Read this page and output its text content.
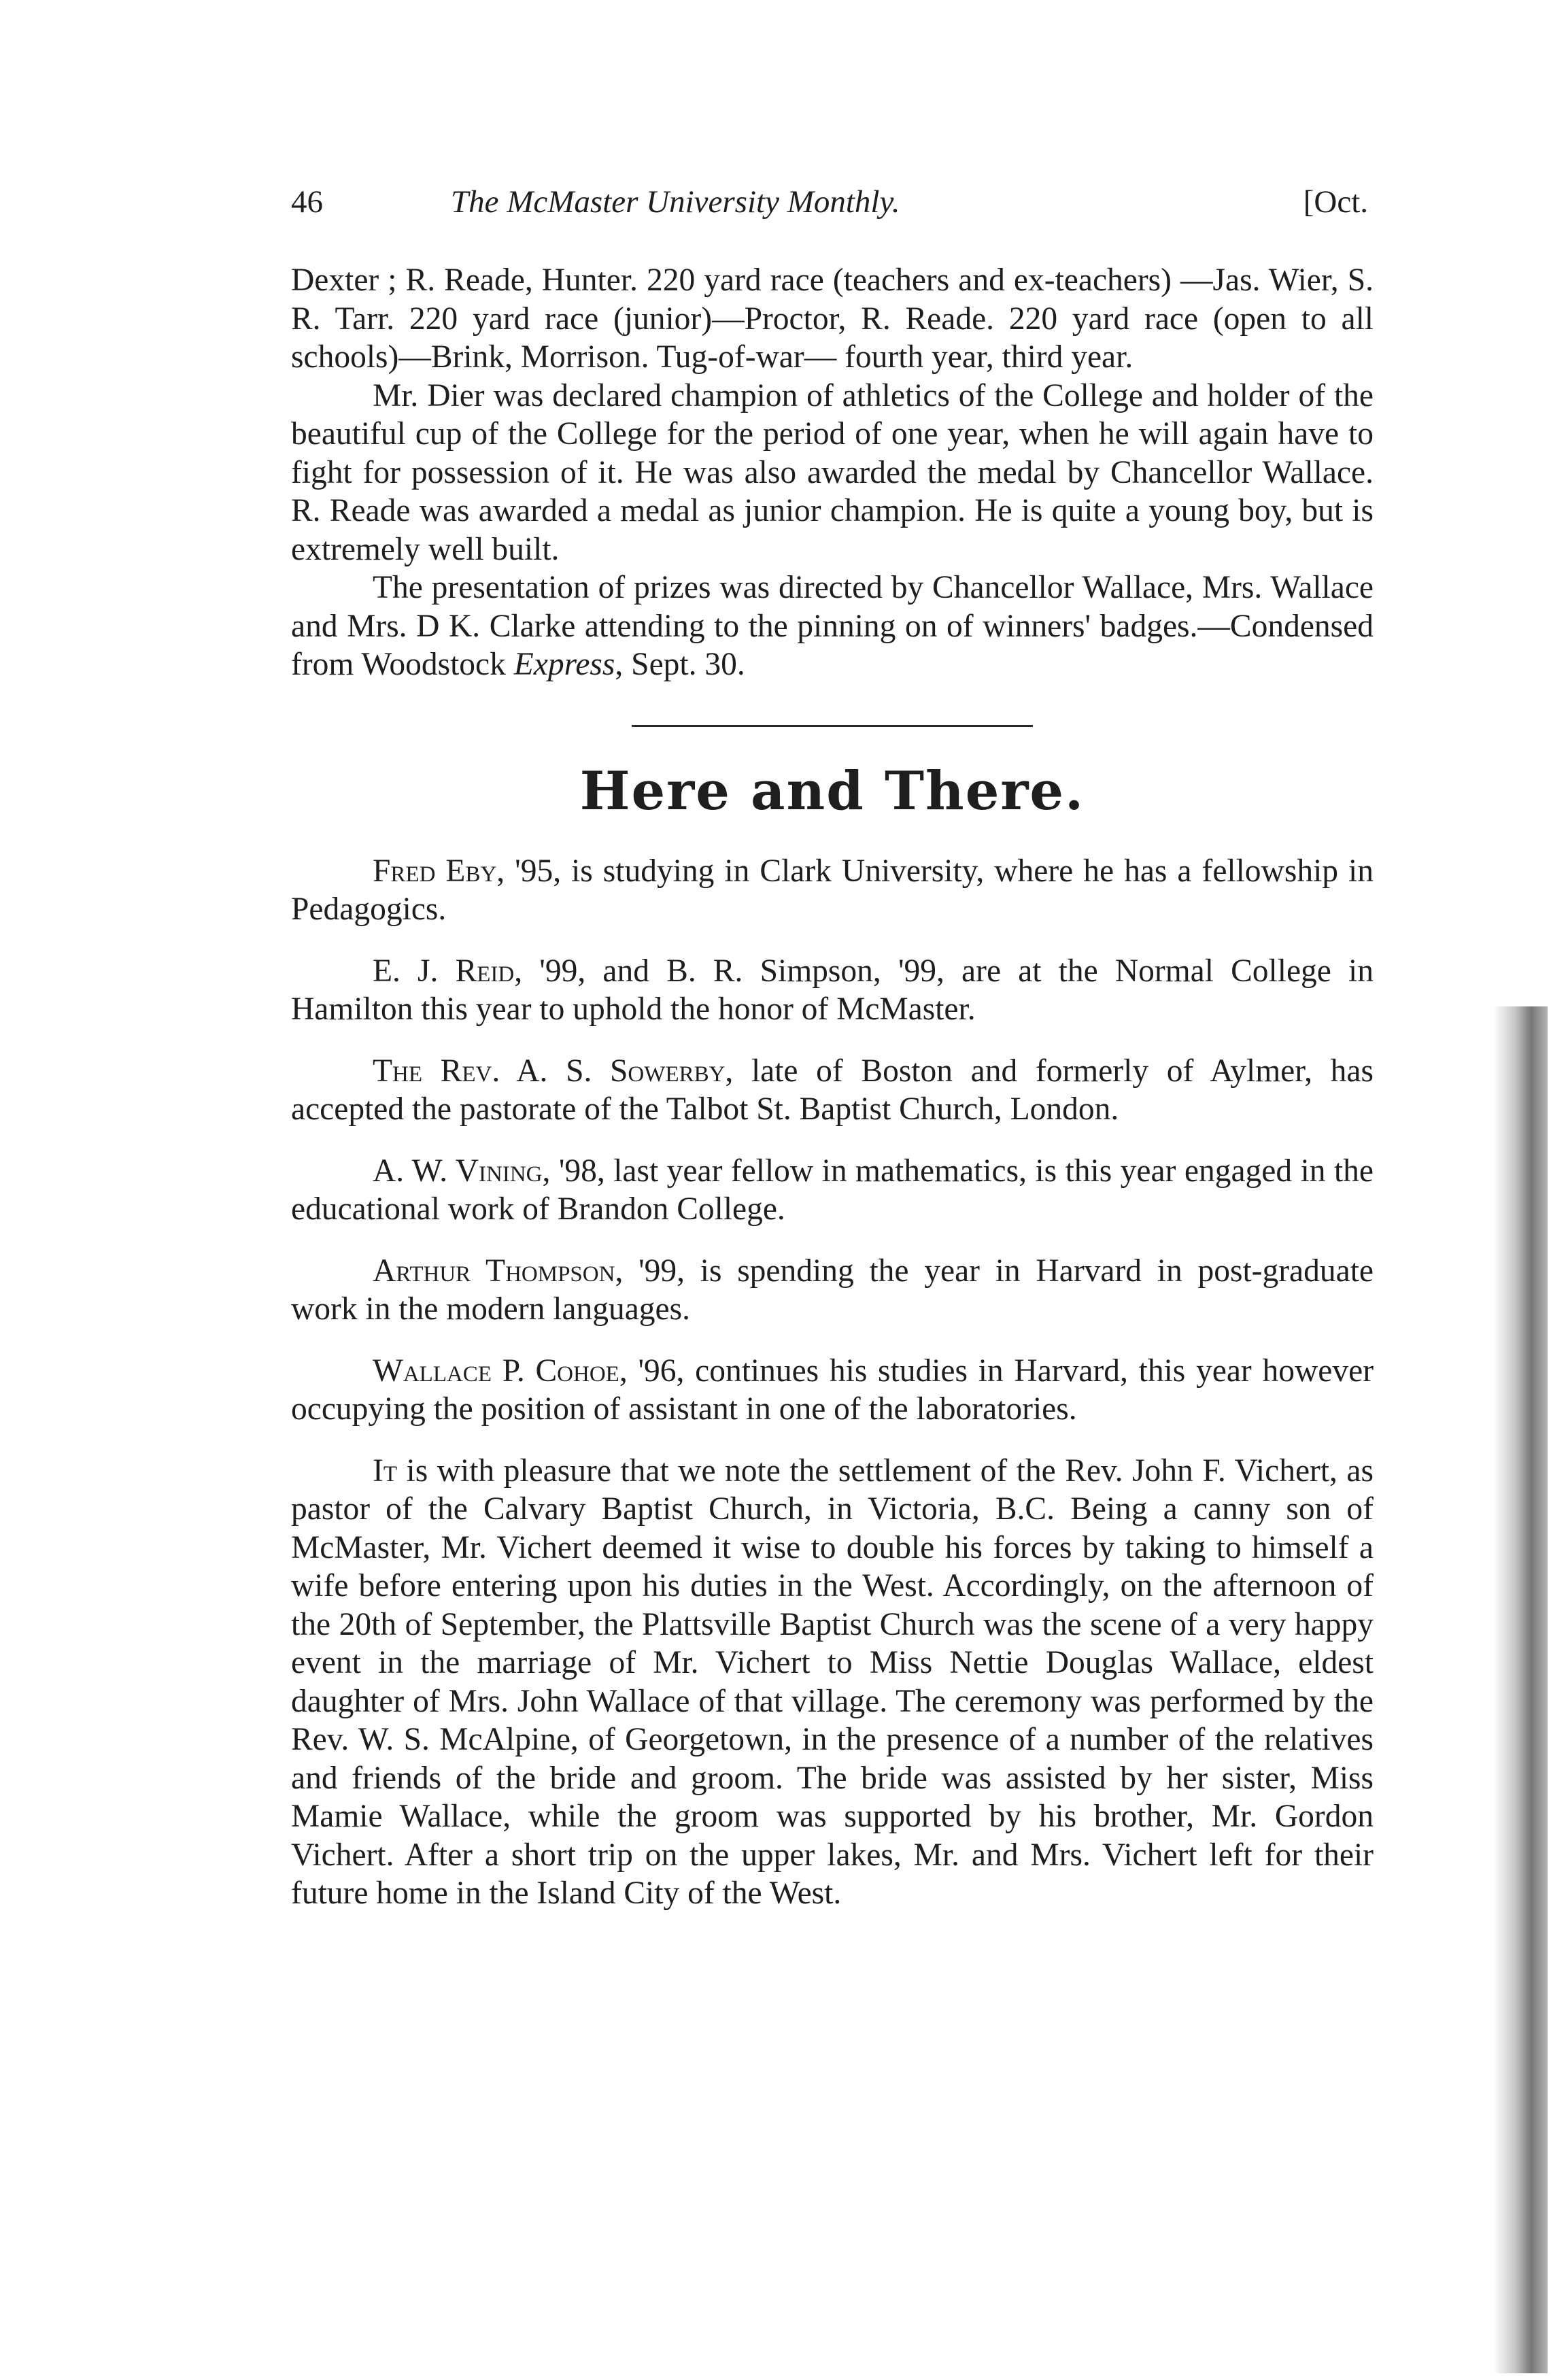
46	The McMaster University Monthly.	[Oct.

Dexter ; R. Reade, Hunter. 220 yard race (teachers and ex-teachers) —Jas. Wier, S. R. Tarr. 220 yard race (junior)—Proctor, R. Reade. 220 yard race (open to all schools)—Brink, Morrison. Tug-of-war— fourth year, third year.

Mr. Dier was declared champion of athletics of the College and holder of the beautiful cup of the College for the period of one year, when he will again have to fight for possession of it. He was also awarded the medal by Chancellor Wallace. R. Reade was awarded a medal as junior champion. He is quite a young boy, but is extremely well built.

The presentation of prizes was directed by Chancellor Wallace, Mrs. Wallace and Mrs. D K. Clarke attending to the pinning on of winners' badges.—Condensed from Woodstock Express, Sept. 30.

Here and There.

Fred Eby, '95, is studying in Clark University, where he has a fellowship in Pedagogics.

E. J. Reid, '99, and B. R. Simpson, '99, are at the Normal College in Hamilton this year to uphold the honor of McMaster.

The Rev. A. S. Sowerby, late of Boston and formerly of Aylmer, has accepted the pastorate of the Talbot St. Baptist Church, London.

A. W. Vining, '98, last year fellow in mathematics, is this year engaged in the educational work of Brandon College.

Arthur Thompson, '99, is spending the year in Harvard in post-graduate work in the modern languages.

Wallace P. Cohoe, '96, continues his studies in Harvard, this year however occupying the position of assistant in one of the laboratories.

It is with pleasure that we note the settlement of the Rev. John F. Vichert, as pastor of the Calvary Baptist Church, in Victoria, B.C. Being a canny son of McMaster, Mr. Vichert deemed it wise to double his forces by taking to himself a wife before entering upon his duties in the West. Accordingly, on the afternoon of the 20th of September, the Plattsville Baptist Church was the scene of a very happy event in the marriage of Mr. Vichert to Miss Nettie Douglas Wallace, eldest daughter of Mrs. John Wallace of that village. The ceremony was performed by the Rev. W. S. McAlpine, of Georgetown, in the presence of a number of the relatives and friends of the bride and groom. The bride was assisted by her sister, Miss Mamie Wallace, while the groom was supported by his brother, Mr. Gordon Vichert. After a short trip on the upper lakes, Mr. and Mrs. Vichert left for their future home in the Island City of the West.
